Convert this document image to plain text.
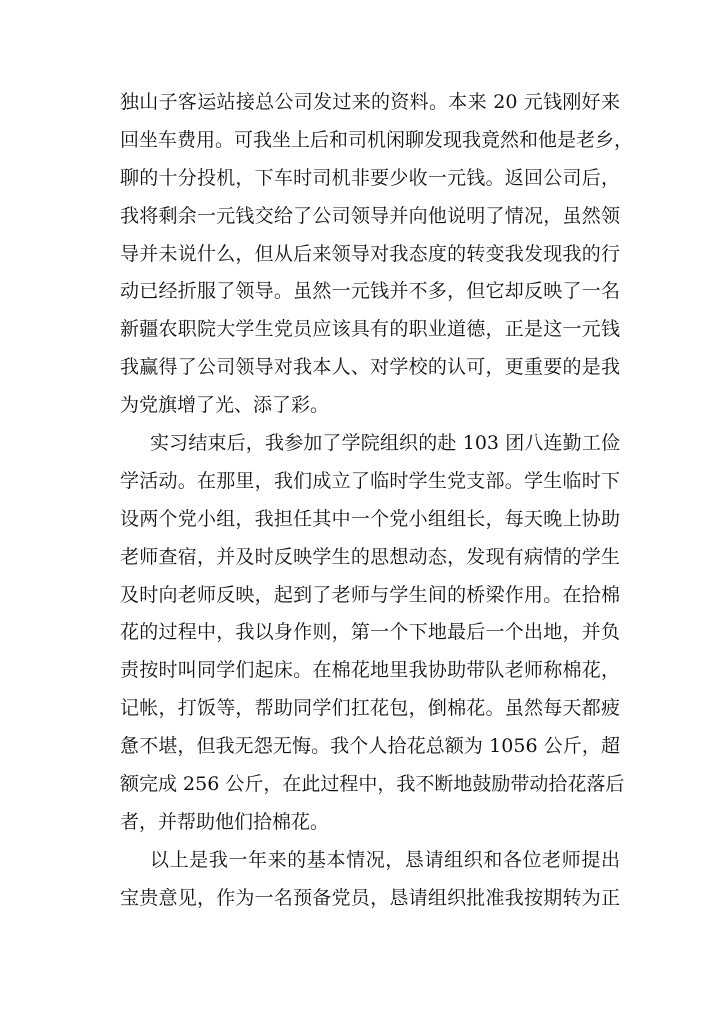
独山子客运站接总公司发过来的资料。本来 20 元钱刚好来
回坐车费用。可我坐上后和司机闲聊发现我竟然和他是老乡，
聊的十分投机，下车时司机非要少收一元钱。返回公司后，
我将剩余一元钱交给了公司领导并向他说明了情况，虽然领
导并未说什么，但从后来领导对我态度的转变我发现我的行
动已经折服了领导。虽然一元钱并不多，但它却反映了一名
新疆农职院大学生党员应该具有的职业道德，正是这一元钱
我赢得了公司领导对我本人、对学校的认可，更重要的是我
为党旗增了光、添了彩。
实习结束后，我参加了学院组织的赴 103 团八连勤工俭
学活动。在那里，我们成立了临时学生党支部。学生临时下
设两个党小组，我担任其中一个党小组组长，每天晚上协助
老师查宿，并及时反映学生的思想动态，发现有病情的学生
及时向老师反映，起到了老师与学生间的桥梁作用。在拾棉
花的过程中，我以身作则，第一个下地最后一个出地，并负
责按时叫同学们起床。在棉花地里我协助带队老师称棉花，
记帐，打饭等，帮助同学们扛花包，倒棉花。虽然每天都疲
惫不堪，但我无怨无悔。我个人拾花总额为 1056 公斤，超
额完成 256 公斤，在此过程中，我不断地鼓励带动拾花落后
者，并帮助他们拾棉花。
以上是我一年来的基本情况，恳请组织和各位老师提出
宝贵意见，作为一名预备党员，恳请组织批准我按期转为正
